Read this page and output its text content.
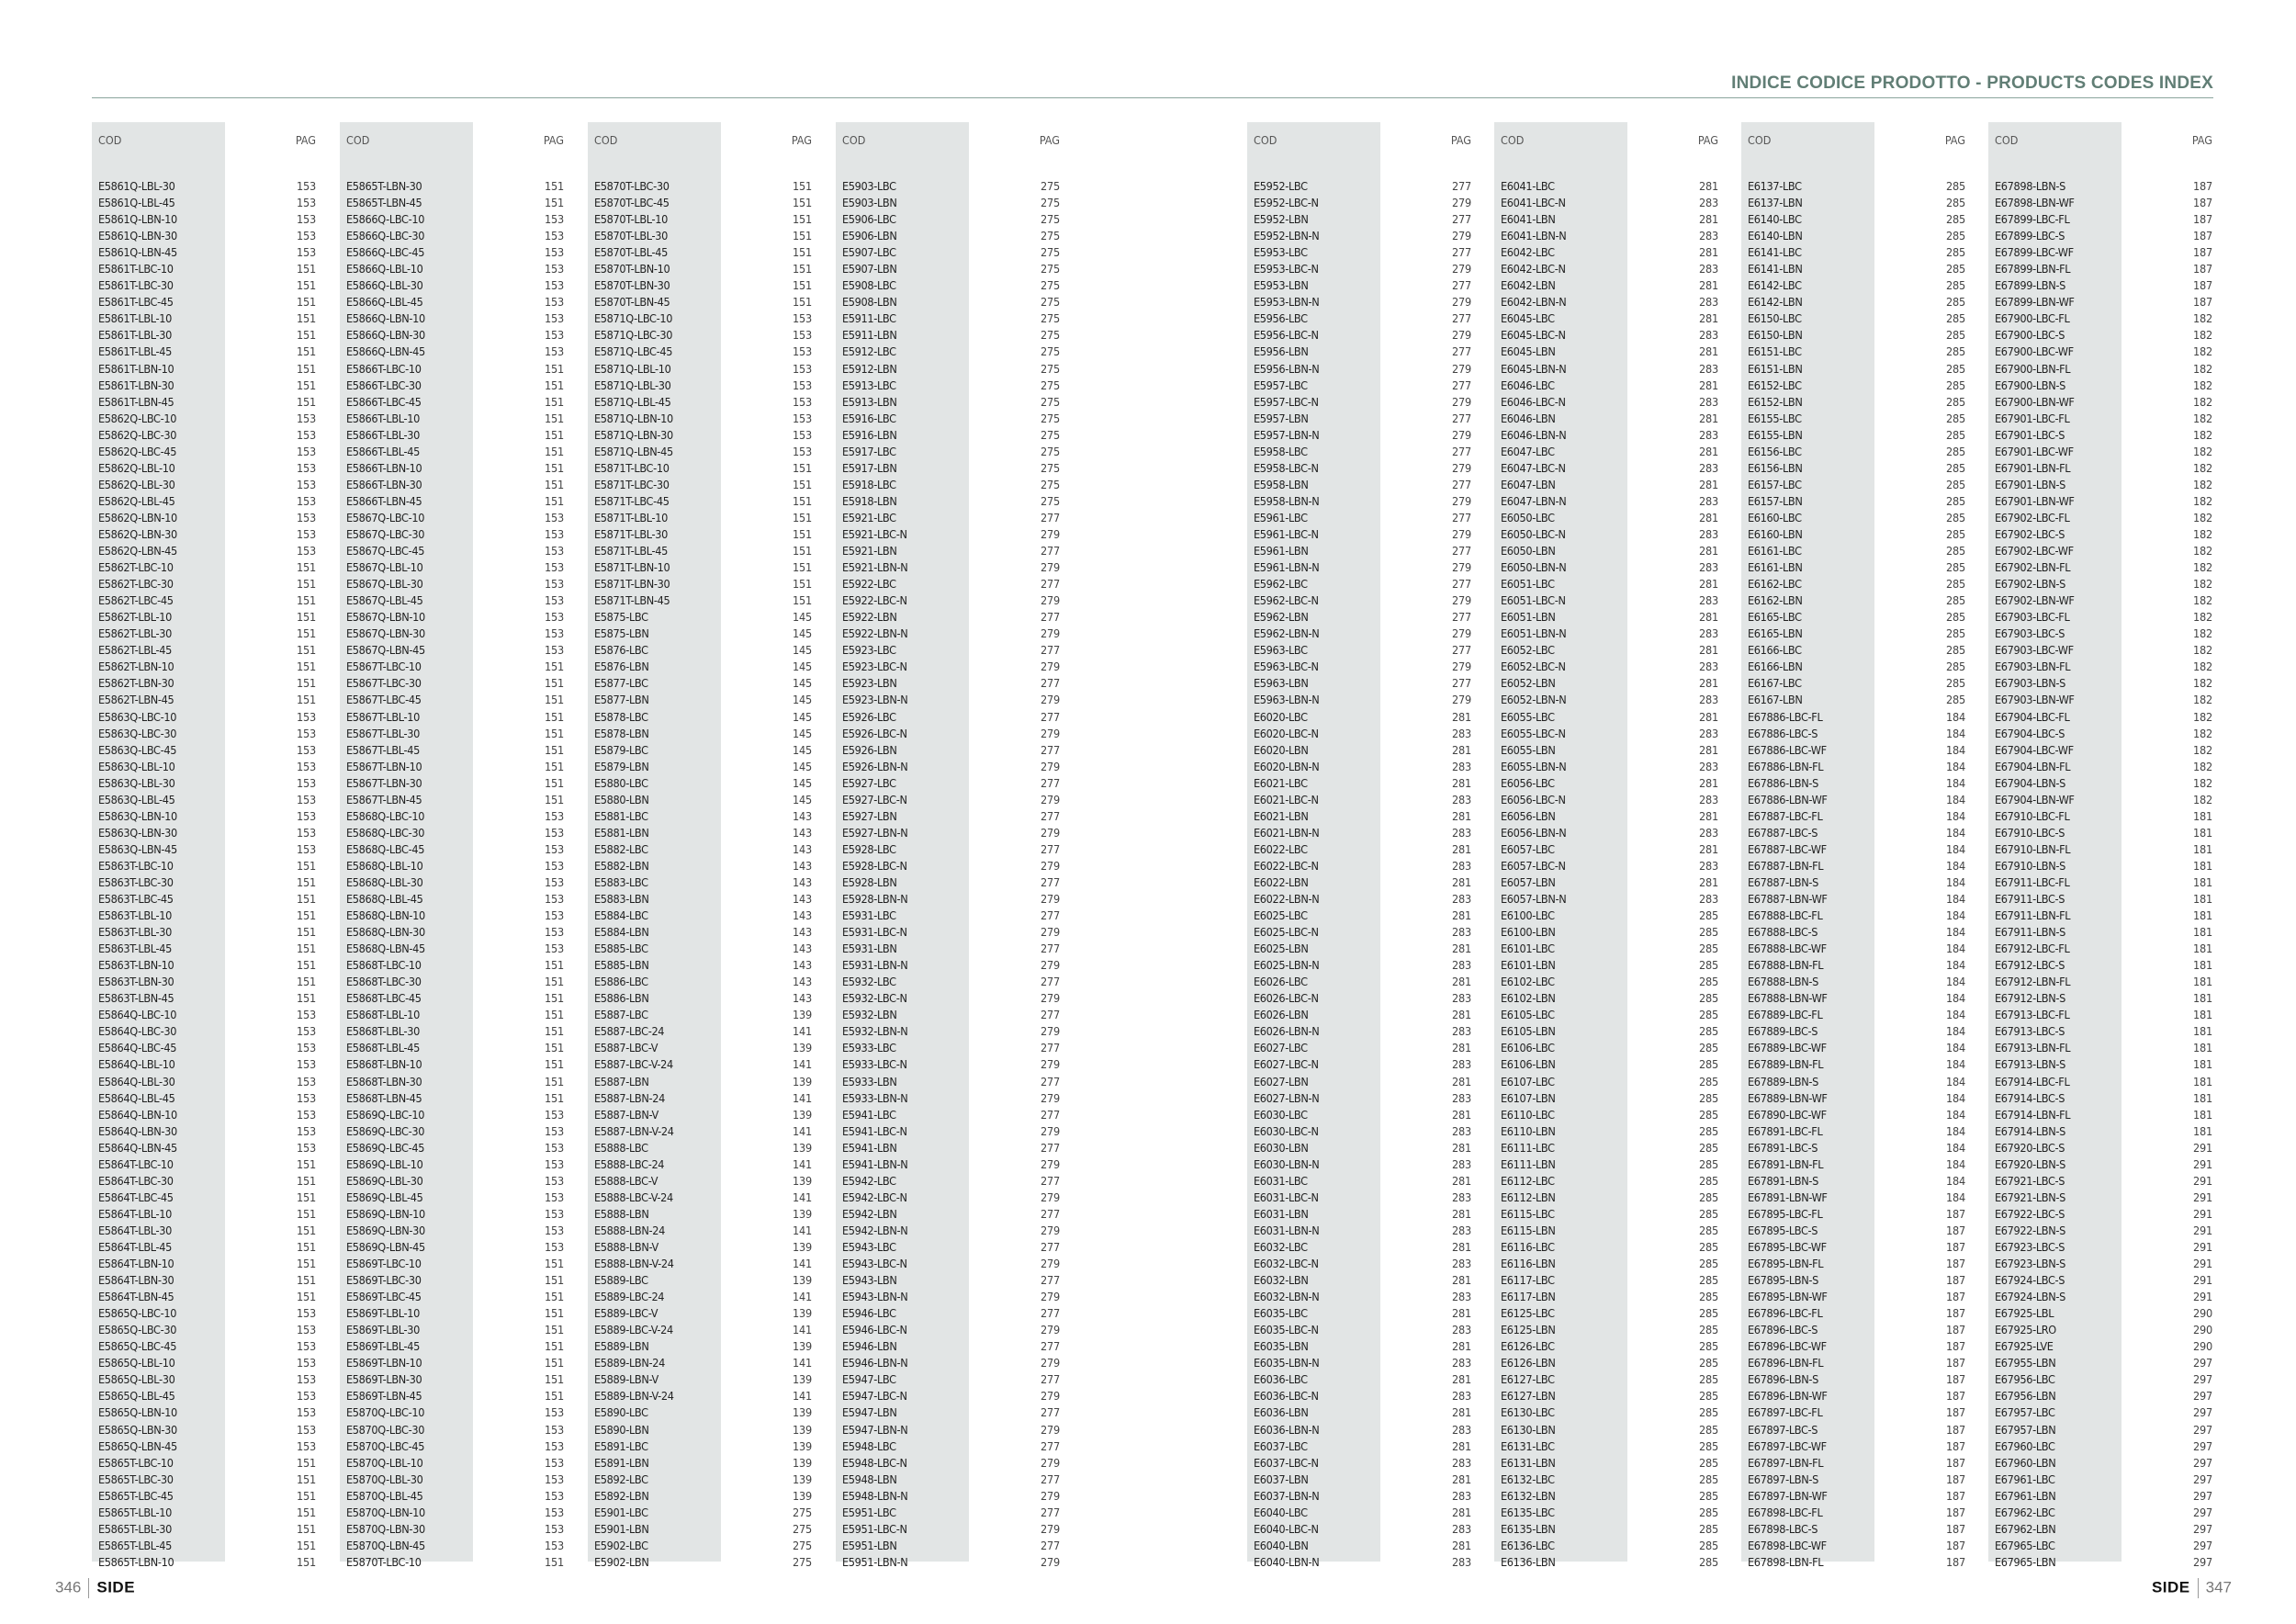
INDICE CODICE PRODOTTO - PRODUCTS CODES INDEX
COD	PAG
E5861Q-LBL-30	153
E5861Q-LBL-45	153
E5861Q-LBN-10	153
E5861Q-LBN-30	153
E5861Q-LBN-45	153
E5861T-LBC-10	151
E5861T-LBC-30	151
E5861T-LBC-45	151
E5861T-LBL-10	151
E5861T-LBL-30	151
E5861T-LBL-45	151
E5861T-LBN-10	151
E5861T-LBN-30	151
E5861T-LBN-45	151
E5862Q-LBC-10	153
E5862Q-LBC-30	153
E5862Q-LBC-45	153
E5862Q-LBL-10	153
E5862Q-LBL-30	153
E5862Q-LBL-45	153
E5862Q-LBN-10	153
E5862Q-LBN-30	153
E5862Q-LBN-45	153
E5862T-LBC-10	151
E5862T-LBC-30	151
E5862T-LBC-45	151
E5862T-LBL-10	151
E5862T-LBL-30	151
E5862T-LBL-45	151
E5862T-LBN-10	151
E5862T-LBN-30	151
E5862T-LBN-45	151
E5863Q-LBC-10	153
E5863Q-LBC-30	153
E5863Q-LBC-45	153
E5863Q-LBL-10	153
E5863Q-LBL-30	153
E5863Q-LBL-45	153
E5863Q-LBN-10	153
E5863Q-LBN-30	153
E5863Q-LBN-45	153
E5863T-LBC-10	151
E5863T-LBC-30	151
E5863T-LBC-45	151
E5863T-LBL-10	151
E5863T-LBL-30	151
E5863T-LBL-45	151
E5863T-LBN-10	151
E5863T-LBN-30	151
E5863T-LBN-45	151
E5864Q-LBC-10	153
E5864Q-LBC-30	153
E5864Q-LBC-45	153
E5864Q-LBL-10	153
E5864Q-LBL-30	153
E5864Q-LBL-45	153
E5864Q-LBN-10	153
E5864Q-LBN-30	153
E5864Q-LBN-45	153
E5864T-LBC-10	151
E5864T-LBC-30	151
E5864T-LBC-45	151
E5864T-LBL-10	151
E5864T-LBL-30	151
E5864T-LBL-45	151
E5864T-LBN-10	151
E5864T-LBN-30	151
E5864T-LBN-45	151
E5865Q-LBC-10	153
E5865Q-LBC-30	153
E5865Q-LBC-45	153
E5865Q-LBL-10	153
E5865Q-LBL-30	153
E5865Q-LBL-45	153
E5865Q-LBN-10	153
E5865Q-LBN-30	153
E5865Q-LBN-45	153
E5865T-LBC-10	151
E5865T-LBC-30	151
E5865T-LBC-45	151
E5865T-LBL-10	151
E5865T-LBL-30	151
E5865T-LBL-45	151
E5865T-LBN-10	151
COD	PAG
E5865T-LBN-30	151
E5865T-LBN-45	151
E5866Q-LBC-10	153
E5866Q-LBC-30	153
E5866Q-LBC-45	153
E5866Q-LBL-10	153
E5866Q-LBL-30	153
E5866Q-LBL-45	153
E5866Q-LBN-10	153
E5866Q-LBN-30	153
E5866Q-LBN-45	153
E5866T-LBC-10	151
E5866T-LBC-30	151
E5866T-LBC-45	151
E5866T-LBL-10	151
E5866T-LBL-30	151
E5866T-LBL-45	151
E5866T-LBN-10	151
E5866T-LBN-30	151
E5866T-LBN-45	151
E5867Q-LBC-10	153
E5867Q-LBC-30	153
E5867Q-LBC-45	153
E5867Q-LBL-10	153
E5867Q-LBL-30	153
E5867Q-LBL-45	153
E5867Q-LBN-10	153
E5867Q-LBN-30	153
E5867Q-LBN-45	153
E5867T-LBC-10	151
E5867T-LBC-30	151
E5867T-LBC-45	151
E5867T-LBL-10	151
E5867T-LBL-30	151
E5867T-LBL-45	151
E5867T-LBN-10	151
E5867T-LBN-30	151
E5867T-LBN-45	151
E5868Q-LBC-10	153
E5868Q-LBC-30	153
E5868Q-LBC-45	153
E5868Q-LBL-10	153
E5868Q-LBL-30	153
E5868Q-LBL-45	153
E5868Q-LBN-10	153
E5868Q-LBN-30	153
E5868Q-LBN-45	153
E5868T-LBC-10	151
E5868T-LBC-30	151
E5868T-LBC-45	151
E5868T-LBL-10	151
E5868T-LBL-30	151
E5868T-LBL-45	151
E5868T-LBN-10	151
E5868T-LBN-30	151
E5868T-LBN-45	151
E5869Q-LBC-10	153
E5869Q-LBC-30	153
E5869Q-LBC-45	153
E5869Q-LBL-10	153
E5869Q-LBL-30	153
E5869Q-LBL-45	153
E5869Q-LBN-10	153
E5869Q-LBN-30	153
E5869Q-LBN-45	153
E5869T-LBC-10	151
E5869T-LBC-30	151
E5869T-LBC-45	151
E5869T-LBL-10	151
E5869T-LBL-30	151
E5869T-LBL-45	151
E5869T-LBN-10	151
E5869T-LBN-30	151
E5869T-LBN-45	151
E5870Q-LBC-10	153
E5870Q-LBC-30	153
E5870Q-LBC-45	153
E5870Q-LBL-10	153
E5870Q-LBL-30	153
E5870Q-LBL-45	153
E5870Q-LBN-10	153
E5870Q-LBN-30	153
E5870Q-LBN-45	153
E5870T-LBC-10	151
COD	PAG
E5870T-LBC-30	151
E5870T-LBC-45	151
E5870T-LBL-10	151
E5870T-LBL-30	151
E5870T-LBL-45	151
E5870T-LBN-10	151
E5870T-LBN-30	151
E5870T-LBN-45	151
E5871Q-LBC-10	153
E5871Q-LBC-30	153
E5871Q-LBC-45	153
E5871Q-LBL-10	153
E5871Q-LBL-30	153
E5871Q-LBL-45	153
E5871Q-LBN-10	153
E5871Q-LBN-30	153
E5871Q-LBN-45	153
E5871T-LBC-10	151
E5871T-LBC-30	151
E5871T-LBC-45	151
E5871T-LBL-10	151
E5871T-LBL-30	151
E5871T-LBL-45	151
E5871T-LBN-10	151
E5871T-LBN-30	151
E5871T-LBN-45	151
E5875-LBC	145
E5875-LBN	145
E5876-LBC	145
E5876-LBN	145
E5877-LBC	145
E5877-LBN	145
E5878-LBC	145
E5878-LBN	145
E5879-LBC	145
E5879-LBN	145
E5880-LBC	145
E5880-LBN	145
E5881-LBC	143
E5881-LBN	143
E5882-LBC	143
E5882-LBN	143
E5883-LBC	143
E5883-LBN	143
E5884-LBC	143
E5884-LBN	143
E5885-LBC	143
E5885-LBN	143
E5886-LBC	143
E5886-LBN	143
E5887-LBC	139
E5887-LBC-24	141
E5887-LBC-V	139
E5887-LBC-V-24	141
E5887-LBN	139
E5887-LBN-24	141
E5887-LBN-V	139
E5887-LBN-V-24	141
E5888-LBC	139
E5888-LBC-24	141
E5888-LBC-V	139
E5888-LBC-V-24	141
E5888-LBN	139
E5888-LBN-24	141
E5888-LBN-V	139
E5888-LBN-V-24	141
E5889-LBC	139
E5889-LBC-24	141
E5889-LBC-V	139
E5889-LBC-V-24	141
E5889-LBN	139
E5889-LBN-24	141
E5889-LBN-V	139
E5889-LBN-V-24	141
E5890-LBC	139
E5890-LBN	139
E5891-LBC	139
E5891-LBN	139
E5892-LBC	139
E5892-LBN	139
E5901-LBC	275
E5901-LBN	275
E5902-LBC	275
E5902-LBN	275
COD	PAG
E5903-LBC	275
E5903-LBN	275
E5906-LBC	275
E5906-LBN	275
E5907-LBC	275
E5907-LBN	275
E5908-LBC	275
E5908-LBN	275
E5911-LBC	275
E5911-LBN	275
E5912-LBC	275
E5912-LBN	275
E5913-LBC	275
E5913-LBN	275
E5916-LBC	275
E5916-LBN	275
E5917-LBC	275
E5917-LBN	275
E5918-LBC	275
E5918-LBN	275
E5921-LBC	277
E5921-LBC-N	279
E5921-LBN	277
E5921-LBN-N	279
E5922-LBC	277
E5922-LBC-N	279
E5922-LBN	277
E5922-LBN-N	279
E5923-LBC	277
E5923-LBC-N	279
E5923-LBN	277
E5923-LBN-N	279
E5926-LBC	277
E5926-LBC-N	279
E5926-LBN	277
E5926-LBN-N	279
E5927-LBC	277
E5927-LBC-N	279
E5927-LBN	277
E5927-LBN-N	279
E5928-LBC	277
E5928-LBC-N	279
E5928-LBN	277
E5928-LBN-N	279
E5931-LBC	277
E5931-LBC-N	279
E5931-LBN	277
E5931-LBN-N	279
E5932-LBC	277
E5932-LBC-N	279
E5932-LBN	277
E5932-LBN-N	279
E5933-LBC	277
E5933-LBC-N	279
E5933-LBN	277
E5933-LBN-N	279
E5941-LBC	277
E5941-LBC-N	279
E5941-LBN	277
E5941-LBN-N	279
E5942-LBC	277
E5942-LBC-N	279
E5942-LBN	277
E5942-LBN-N	279
E5943-LBC	277
E5943-LBC-N	279
E5943-LBN	277
E5943-LBN-N	279
E5946-LBC	277
E5946-LBC-N	279
E5946-LBN	277
E5946-LBN-N	279
E5947-LBC	277
E5947-LBC-N	279
E5947-LBN	277
E5947-LBN-N	279
E5948-LBC	277
E5948-LBC-N	279
E5948-LBN	277
E5948-LBN-N	279
E5951-LBC	277
E5951-LBC-N	279
E5951-LBN	277
E5951-LBN-N	279
COD	PAG
E5952-LBC	277
E5952-LBC-N	279
E5952-LBN	277
E5952-LBN-N	279
E5953-LBC	277
E5953-LBC-N	279
E5953-LBN	277
E5953-LBN-N	279
E5956-LBC	277
E5956-LBC-N	279
E5956-LBN	277
E5956-LBN-N	279
E5957-LBC	277
E5957-LBC-N	279
E5957-LBN	277
E5957-LBN-N	279
E5958-LBC	277
E5958-LBC-N	279
E5958-LBN	277
E5958-LBN-N	279
E5961-LBC	277
E5961-LBC-N	279
E5961-LBN	277
E5961-LBN-N	279
E5962-LBC	277
E5962-LBC-N	279
E5962-LBN	277
E5962-LBN-N	279
E5963-LBC	277
E5963-LBC-N	279
E5963-LBN	277
E5963-LBN-N	279
E6020-LBC	281
E6020-LBC-N	283
E6020-LBN	281
E6020-LBN-N	283
E6021-LBC	281
E6021-LBC-N	283
E6021-LBN	281
E6021-LBN-N	283
E6022-LBC	281
E6022-LBC-N	283
E6022-LBN	281
E6022-LBN-N	283
E6025-LBC	281
E6025-LBC-N	283
E6025-LBN	281
E6025-LBN-N	283
E6026-LBC	281
E6026-LBC-N	283
E6026-LBN	281
E6026-LBN-N	283
E6027-LBC	281
E6027-LBC-N	283
E6027-LBN	281
E6027-LBN-N	283
E6030-LBC	281
E6030-LBC-N	283
E6030-LBN	281
E6030-LBN-N	283
E6031-LBC	281
E6031-LBC-N	283
E6031-LBN	281
E6031-LBN-N	283
E6032-LBC	281
E6032-LBC-N	283
E6032-LBN	281
E6032-LBN-N	283
E6035-LBC	281
E6035-LBC-N	283
E6035-LBN	281
E6035-LBN-N	283
E6036-LBC	281
E6036-LBC-N	283
E6036-LBN	281
E6036-LBN-N	283
E6037-LBC	281
E6037-LBC-N	283
E6037-LBN	281
E6037-LBN-N	283
E6040-LBC	281
E6040-LBC-N	283
E6040-LBN	281
E6040-LBN-N	283
COD	PAG
E6041-LBC	281
E6041-LBC-N	283
E6041-LBN	281
E6041-LBN-N	283
E6042-LBC	281
E6042-LBC-N	283
E6042-LBN	281
E6042-LBN-N	283
E6045-LBC	281
E6045-LBC-N	283
E6045-LBN	281
E6045-LBN-N	283
E6046-LBC	281
E6046-LBC-N	283
E6046-LBN	281
E6046-LBN-N	283
E6047-LBC	281
E6047-LBC-N	283
E6047-LBN	281
E6047-LBN-N	283
E6050-LBC	281
E6050-LBC-N	283
E6050-LBN	281
E6050-LBN-N	283
E6051-LBC	281
E6051-LBC-N	283
E6051-LBN	281
E6051-LBN-N	283
E6052-LBC	281
E6052-LBC-N	283
E6052-LBN	281
E6052-LBN-N	283
E6055-LBC	281
E6055-LBC-N	283
E6055-LBN	281
E6055-LBN-N	283
E6056-LBC	281
E6056-LBC-N	283
E6056-LBN	281
E6056-LBN-N	283
E6057-LBC	281
E6057-LBC-N	283
E6057-LBN	281
E6057-LBN-N	283
E6100-LBC	285
E6100-LBN	285
E6101-LBC	285
E6101-LBN	285
E6102-LBC	285
E6102-LBN	285
E6105-LBC	285
E6105-LBN	285
E6106-LBC	285
E6106-LBN	285
E6107-LBC	285
E6107-LBN	285
E6110-LBC	285
E6110-LBN	285
E6111-LBC	285
E6111-LBN	285
E6112-LBC	285
E6112-LBN	285
E6115-LBC	285
E6115-LBN	285
E6116-LBC	285
E6116-LBN	285
E6117-LBC	285
E6117-LBN	285
E6125-LBC	285
E6125-LBN	285
E6126-LBC	285
E6126-LBN	285
E6127-LBC	285
E6127-LBN	285
E6130-LBC	285
E6130-LBN	285
E6131-LBC	285
E6131-LBN	285
E6132-LBC	285
E6132-LBN	285
E6135-LBC	285
E6135-LBN	285
E6136-LBC	285
E6136-LBN	285
COD	PAG
E6137-LBC	285
E6137-LBN	285
E6140-LBC	285
E6140-LBN	285
E6141-LBC	285
E6141-LBN	285
E6142-LBC	285
E6142-LBN	285
E6150-LBC	285
E6150-LBN	285
E6151-LBC	285
E6151-LBN	285
E6152-LBC	285
E6152-LBN	285
E6155-LBC	285
E6155-LBN	285
E6156-LBC	285
E6156-LBN	285
E6157-LBC	285
E6157-LBN	285
E6160-LBC	285
E6160-LBN	285
E6161-LBC	285
E6161-LBN	285
E6162-LBC	285
E6162-LBN	285
E6165-LBC	285
E6165-LBN	285
E6166-LBC	285
E6166-LBN	285
E6167-LBC	285
E6167-LBN	285
E67886-LBC-FL	184
E67886-LBC-S	184
E67886-LBC-WF	184
E67886-LBN-FL	184
E67886-LBN-S	184
E67886-LBN-WF	184
E67887-LBC-FL	184
E67887-LBC-S	184
E67887-LBC-WF	184
E67887-LBN-FL	184
E67887-LBN-S	184
E67887-LBN-WF	184
E67888-LBC-FL	184
E67888-LBC-S	184
E67888-LBC-WF	184
E67888-LBN-FL	184
E67888-LBN-S	184
E67888-LBN-WF	184
E67889-LBC-FL	184
E67889-LBC-S	184
E67889-LBC-WF	184
E67889-LBN-FL	184
E67889-LBN-S	184
E67889-LBN-WF	184
E67890-LBC-WF	184
E67891-LBC-FL	184
E67891-LBC-S	184
E67891-LBN-FL	184
E67891-LBN-S	184
E67891-LBN-WF	184
E67895-LBC-FL	187
E67895-LBC-S	187
E67895-LBC-WF	187
E67895-LBN-FL	187
E67895-LBN-S	187
E67895-LBN-WF	187
E67896-LBC-FL	187
E67896-LBC-S	187
E67896-LBC-WF	187
E67896-LBN-FL	187
E67896-LBN-S	187
E67896-LBN-WF	187
E67897-LBC-FL	187
E67897-LBC-S	187
E67897-LBC-WF	187
E67897-LBN-FL	187
E67897-LBN-S	187
E67897-LBN-WF	187
E67898-LBC-FL	187
E67898-LBC-S	187
E67898-LBC-WF	187
E67898-LBN-FL	187
COD	PAG
E67898-LBN-S	187
E67898-LBN-WF	187
E67899-LBC-FL	187
E67899-LBC-S	187
E67899-LBC-WF	187
E67899-LBN-FL	187
E67899-LBN-S	187
E67899-LBN-WF	187
E67900-LBC-FL	182
E67900-LBC-S	182
E67900-LBC-WF	182
E67900-LBN-FL	182
E67900-LBN-S	182
E67900-LBN-WF	182
E67901-LBC-FL	182
E67901-LBC-S	182
E67901-LBC-WF	182
E67901-LBN-FL	182
E67901-LBN-S	182
E67901-LBN-WF	182
E67902-LBC-FL	182
E67902-LBC-S	182
E67902-LBC-WF	182
E67902-LBN-FL	182
E67902-LBN-S	182
E67902-LBN-WF	182
E67903-LBC-FL	182
E67903-LBC-S	182
E67903-LBC-WF	182
E67903-LBN-FL	182
E67903-LBN-S	182
E67903-LBN-WF	182
E67904-LBC-FL	182
E67904-LBC-S	182
E67904-LBC-WF	182
E67904-LBN-FL	182
E67904-LBN-S	182
E67904-LBN-WF	182
E67910-LBC-FL	181
E67910-LBC-S	181
E67910-LBN-FL	181
E67910-LBN-S	181
E67911-LBC-FL	181
E67911-LBC-S	181
E67911-LBN-FL	181
E67911-LBN-S	181
E67912-LBC-FL	181
E67912-LBC-S	181
E67912-LBN-FL	181
E67912-LBN-S	181
E67913-LBC-FL	181
E67913-LBC-S	181
E67913-LBN-FL	181
E67913-LBN-S	181
E67914-LBC-FL	181
E67914-LBC-S	181
E67914-LBN-FL	181
E67914-LBN-S	181
E67920-LBC-S	291
E67920-LBN-S	291
E67921-LBC-S	291
E67921-LBN-S	291
E67922-LBC-S	291
E67922-LBN-S	291
E67923-LBC-S	291
E67923-LBN-S	291
E67924-LBC-S	291
E67924-LBN-S	291
E67925-LBL	290
E67925-LRO	290
E67925-LVE	290
E67955-LBN	297
E67956-LBC	297
E67956-LBN	297
E67957-LBC	297
E67957-LBN	297
E67960-LBC	297
E67960-LBN	297
E67961-LBC	297
E67961-LBN	297
E67962-LBC	297
E67962-LBN	297
E67965-LBC	297
E67965-LBN	297
346 SIDE	SIDE 347
